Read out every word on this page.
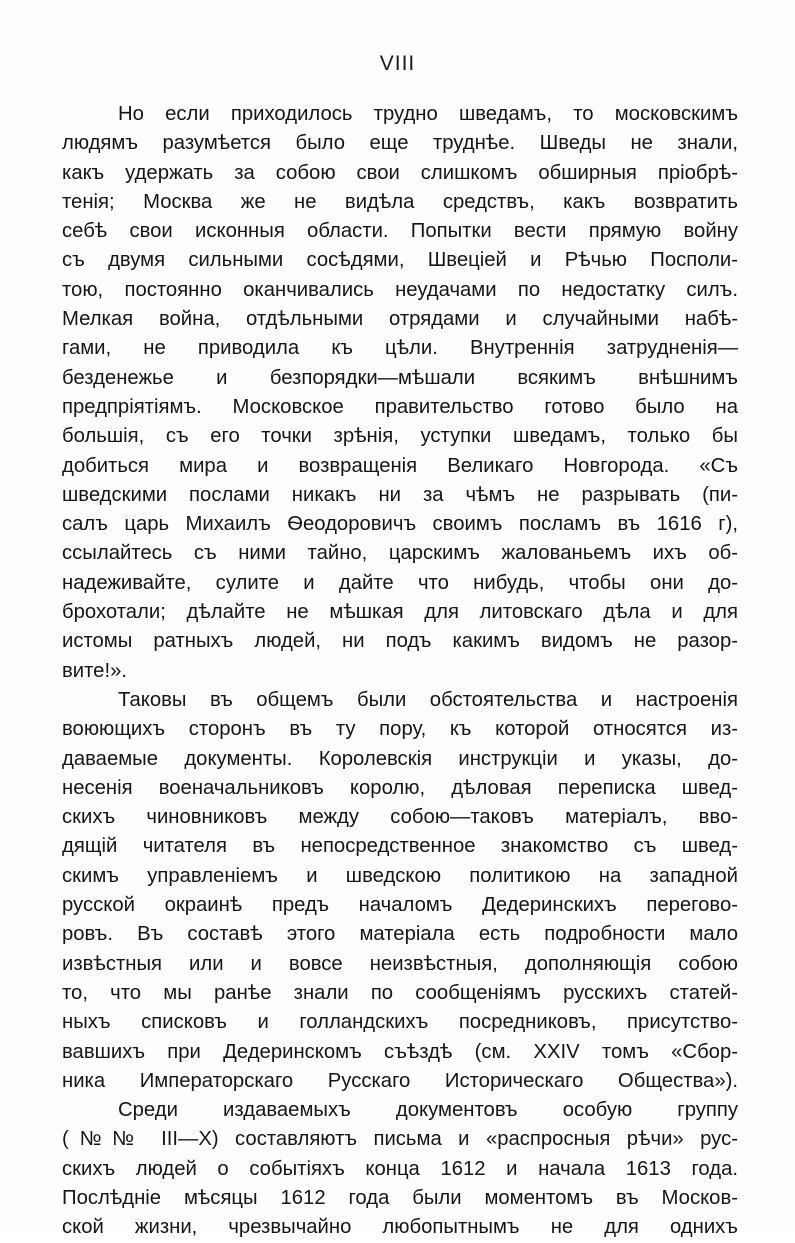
VIII
Но если приходилось трудно шведамъ, то московскимъ
людямъ разумѣется было еще труднѣе. Шведы не знали,
какъ удержать за собою свои слишкомъ обширныя пріобрѣ-
тенія; Москва же не видѣла средствъ, какъ возвратить
себѣ свои исконныя области. Попытки вести прямую войну
съ двумя сильными сосѣдями, Швеціей и Рѣчью Посполи-
тою, постоянно оканчивались неудачами по недостатку силъ.
Мелкая война, отдѣльными отрядами и случайными набѣ-
гами, не приводила къ цѣли. Внутреннія затрудненія—
безденежье и безпорядки—мѣшали всякимъ внѣшнимъ
предпріятіямъ. Московское правительство готово было на
большія, съ его точки зрѣнія, уступки шведамъ, только бы
добиться мира и возвращенія Великаго Новгорода. «Съ
шведскими послами никакъ ни за чѣмъ не разрывать (пи-
салъ царь Михаилъ Ѳеодоровичъ своимъ посламъ въ 1616 г),
ссылайтесь съ ними тайно, царскимъ жалованьемъ ихъ об-
надеживайте, сулите и дайте что нибудь, чтобы они до-
брохотали; дѣлайте не мѣшкая для литовскаго дѣла и для
истомы ратныхъ людей, ни подъ какимъ видомъ не разор-
вите!».
Таковы въ общемъ были обстоятельства и настроенія
воюющихъ сторонъ въ ту пору, къ которой относятся из-
даваемые документы. Королевскія инструкціи и указы, до-
несенія военачальниковъ королю, дѣловая переписка швед-
скихъ чиновниковъ между собою—таковъ матеріалъ, вво-
дящій читателя въ непосредственное знакомство съ швед-
скимъ управленіемъ и шведскою политикою на западной
русской окраинѣ предъ началомъ Дедеринскихъ перегово-
ровъ. Въ составѣ этого матеріала есть подробности мало
извѣстныя или и вовсе неизвѣстныя, дополняющія собою
то, что мы ранѣе знали по сообщеніямъ русскихъ статей-
ныхъ списковъ и голландскихъ посредниковъ, присутство-
вавшихъ при Дедеринскомъ съѣздѣ (см. XXIV томъ «Сбор-
ника Императорскаго Русскаго Историческаго Общества»).
Среди издаваемыхъ документовъ особую группу
(№№ III—X) составляютъ письма и «распросныя рѣчи» рус-
скихъ людей о событіяхъ конца 1612 и начала 1613 года.
Послѣдніе мѣсяцы 1612 года были моментомъ въ Москов-
ской жизни, чрезвычайно любопытнымъ не для однихъ
